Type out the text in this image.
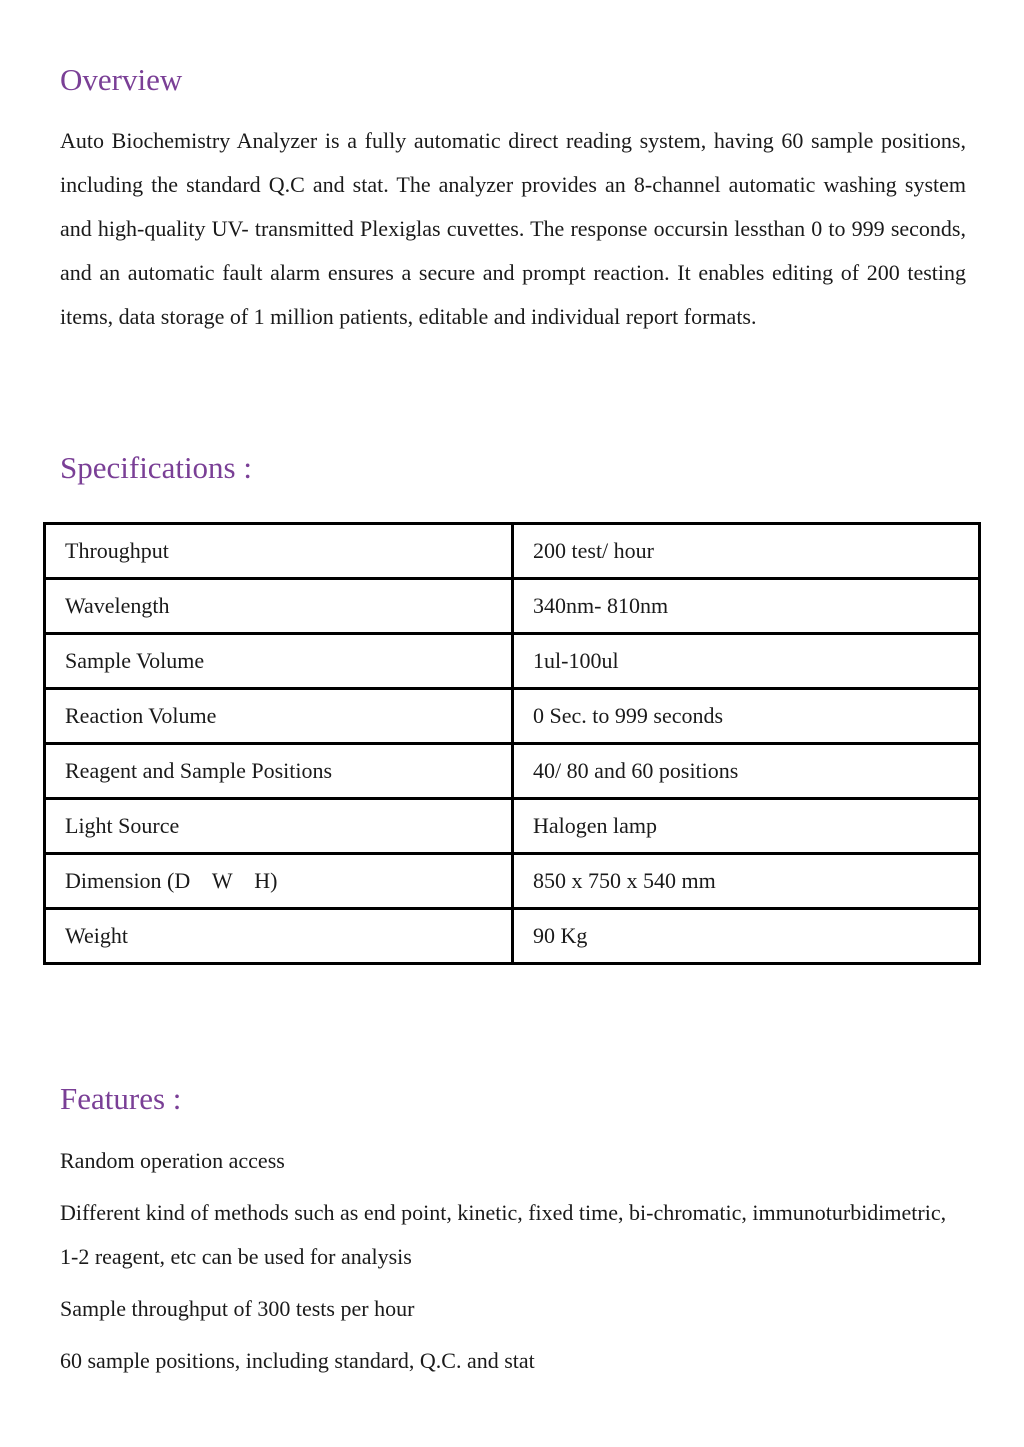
Overview

Auto Biochemistry Analyzer is a fully automatic direct reading system, having 60 sample positions, including the standard Q.C and stat. The analyzer provides an 8-channel automatic washing system and high-quality UV- transmitted Plexiglas cuvettes. The response occursin lessthan 0 to 999 seconds, and an automatic fault alarm ensures a secure and prompt reaction. It enables editing of 200 testing items, data storage of 1 million patients, editable and individual report formats.

Specifications :
Throughput	200 test/ hour
Wavelength	340nm- 810nm
Sample Volume	1ul-100ul
Reaction Volume	0 Sec. to 999 seconds
Reagent and Sample Positions	40/ 80 and 60 positions
Light Source	Halogen lamp
Dimension (D    W    H)	850 x 750 x 540 mm
Weight	90 Kg
Features :
Random operation access
Different kind of methods such as end point, kinetic, fixed time, bi-chromatic, immunoturbidimetric, 1-2 reagent, etc can be used for analysis
Sample throughput of 300 tests per hour
60 sample positions, including standard, Q.C. and stat
